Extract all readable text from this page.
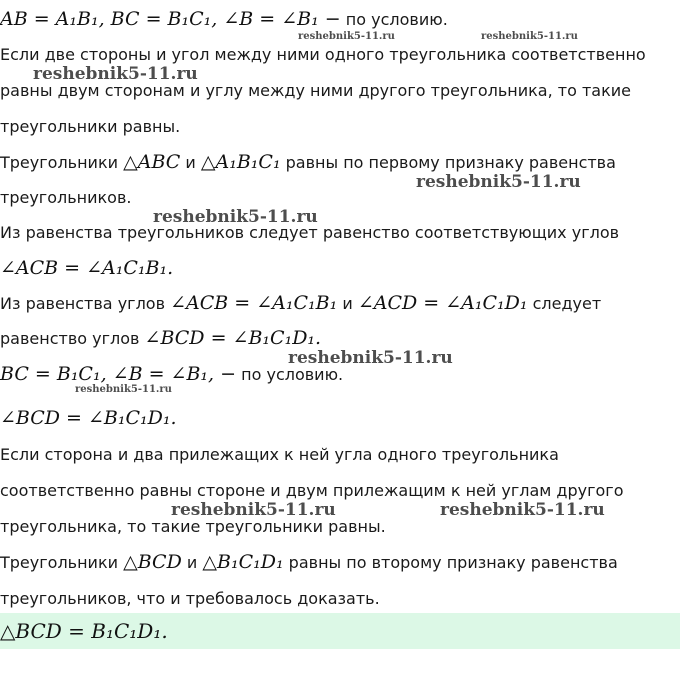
AB = A₁B₁, BC = B₁C₁, ∠B = ∠B₁ − по условию.
Если две стороны и угол между ними одного треугольника соответственно
равны двум сторонам и углу между ними другого треугольника, то такие
треугольники равны.
Треугольники △ABC и △A₁B₁C₁ равны по первому признаку равенства
треугольников.
Из равенства треугольников следует равенство соответствующих углов
∠ACB = ∠A₁C₁B₁.
Из равенства углов ∠ACB = ∠A₁C₁B₁ и ∠ACD = ∠A₁C₁D₁ следует
равенство углов ∠BCD = ∠B₁C₁D₁.
BC = B₁C₁, ∠B = ∠B₁, − по условию.
∠BCD = ∠B₁C₁D₁.
Если сторона и два прилежащих к ней угла одного треугольника
соответственно равны стороне и двум прилежащим к ней углам другого
треугольника, то такие треугольники равны.
Треугольники △BCD и △B₁C₁D₁ равны по второму признаку равенства
треугольников, что и требовалось доказать.
△BCD = B₁C₁D₁.
reshebnik5-11.ru	reshebnik5-11.ru
reshebnik5-11.ru
reshebnik5-11.ru
reshebnik5-11.ru
reshebnik5-11.ru
reshebnik5-11.ru
reshebnik5-11.ru	reshebnik5-11.ru
